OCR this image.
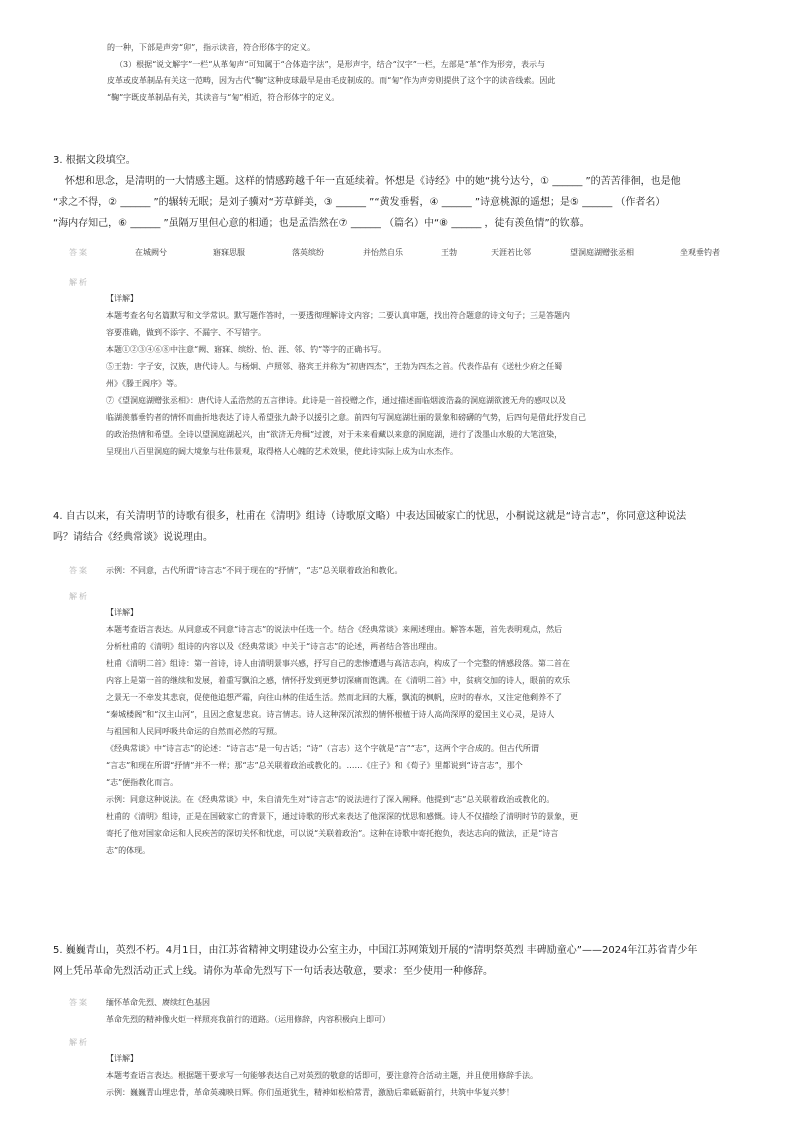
的一种，下部是声旁“卯”，指示读音，符合形体字的定义。

（3）根据“说文解字”一栏“从革匊声”可知属于“合体造字法”，是形声字，结合“汉字”一栏，左部是“革”作为形旁，表示与

皮革或皮革制品有关这一范畴，因为古代“鞠”这种皮球最早是由毛皮制成的。而“匊”作为声旁则提供了这个字的读音线索。因此

“鞠”字既皮革制品有关，其读音与“匊”相近，符合形体字的定义。

3. 根据文段填空。

怀想和思念，是清明的一大情感主题。这样的情感跨越千年一直延续着。怀想是《诗经》中的她“挑兮达兮，① ______ ”的苦苦徘徊，也是他

“求之不得，② ______ ”的辗转无眠；是刘子骥对“芳草鲜美，③ ______ ”“黄发垂髫，④ ______ ”诗意桃源的遥想；是⑤ ______ （作者名）

“海内存知己，⑥ ______ ”虽隔万里但心意的相通；也是孟浩然在⑦ ______ （篇名）中“⑧ ______ ，徒有羡鱼情”的钦慕。

答案	在城阙兮	寤寐思服	落英缤纷	并怡然自乐	王勃	天涯若比邻	望洞庭湖赠张丞相	坐观垂钓者
解析

【详解】

本题考查名句名篇默写和文学常识。默写题作答时，一要透彻理解诗文内容；二要认真审题，找出符合题意的诗文句子；三是答题内

容要准确，做到不添字、不漏字、不写错字。

本题①②③④⑥⑧中注意“阙、寤寐、缤纷、怡、涯、邻、钓”等字的正确书写。

⑤王勃：字子安，汉族，唐代诗人。与杨炯、卢照邻、骆宾王并称为“初唐四杰”，王勃为四杰之首。代表作品有《送杜少府之任蜀

州》《滕王阁序》等。

⑦《望洞庭湖赠张丞相》：唐代诗人孟浩然的五言律诗。此诗是一首投赠之作，通过描述面临烟波浩淼的洞庭湖欲渡无舟的感叹以及

临湖羡慕垂钓者的情怀而曲折地表达了诗人希望张九龄予以援引之意。前四句写洞庭湖壮丽的景象和磅礴的气势，后四句是借此抒发自己

的政治热情和希望。全诗以望洞庭湖起兴，由“欲济无舟楫”过渡，对于未来看藏以来意的洞庭湖，进行了泼墨山水般的大笔渲染，

呈现出八百里洞庭的阔大境象与壮伟景观，取得格人心魄的艺术效果，使此诗实际上成为山水杰作。

4. 自古以来，有关清明节的诗歌有很多，杜甫在《清明》组诗（诗歌原文略）中表达国破家亡的忧思，小桐说这就是“诗言志”，你同意这种说法

吗？请结合《经典常谈》说说理由。

答案 示例：不同意，古代所谓“诗言志”不同于现在的“抒情”，“志”总关联着政治和教化。

解析

【详解】

本题考查语言表达。从同意或不同意“诗言志”的说法中任选一个。结合《经典常谈》来阐述理由。解答本题，首先表明观点，然后

分析杜甫的《清明》组诗的内容以及《经典常谈》中关于“诗言志”的论述，两者结合答出理由。

杜甫《清明二首》组诗：第一首诗，诗人由清明景事兴感，抒写自己的悲惨遭遇与高洁志向，构成了一个完整的情感段落。第二首在

内容上是第一首的继续和发展，着重写飘泊之感，情怀抒发到更梦切深痛而饱满。在《清明二首》中，贫病交加的诗人，眼前的欢乐

之景无一不牵发其悲哀，促使他追想严霜，向往山林的佳适生活。然而北回的大雁，飘流的枫帆，应时的春水，又注定他剩养不了

“秦城楼阁”和“汉主山河”，且因之愈复悲哀。诗言情志。诗人这种深沉浓烈的情怀根植于诗人高尚深厚的爱国主义心灵，是诗人

与祖国和人民同呼吸共命运的自然而必然的写照。

《经典常谈》中“诗言志”的论述：“诗言志”是一句古话；“诗”（言志）这个字就是“言”“志”，这两个字合成的。但古代所谓

“言志”和现在所谓“抒情”并不一样；那“志”总关联着政治或教化的。……《庄子》和《荀子》里都说到“诗言志”，那个

“志”便指教化而言。

示例：同意这种说法。在《经典常谈》中，朱自清先生对“诗言志”的说法进行了深入阐释。他提到“志”总关联着政治或教化的。

杜甫的《清明》组诗，正是在国破家亡的背景下，通过诗歌的形式来表达了他深深的忧思和感慨。诗人不仅描绘了清明时节的景象，更

寄托了他对国家命运和人民疾苦的深切关怀和忧虑，可以说“关联着政治”。这种在诗歌中寄托抱负，表达志向的做法，正是“诗言

志”的体现。

5. 巍巍青山，英烈不朽。4月1日，由江苏省精神文明建设办公室主办，中国江苏网策划开展的“清明祭英烈 丰碑励童心”——2024年江苏省青少年

网上凭吊革命先烈活动正式上线。请你为革命先烈写下一句话表达敬意，要求：至少使用一种修辞。

答案 缅怀革命先烈、赓续红色基因

革命先烈的精神像火炬一样照亮我前行的道路。（运用修辞，内容积极向上即可）

解析

【详解】

本题考查语言表达。根据题干要求写一句能够表达自己对英烈的敬意的话即可，要注意符合活动主题，并且使用修辞手法。

示例：巍巍青山埋忠骨，革命英魂映日辉。你们虽逝犹生，精神如松柏常青，激励后辈砥砺前行，共筑中华复兴梦！
